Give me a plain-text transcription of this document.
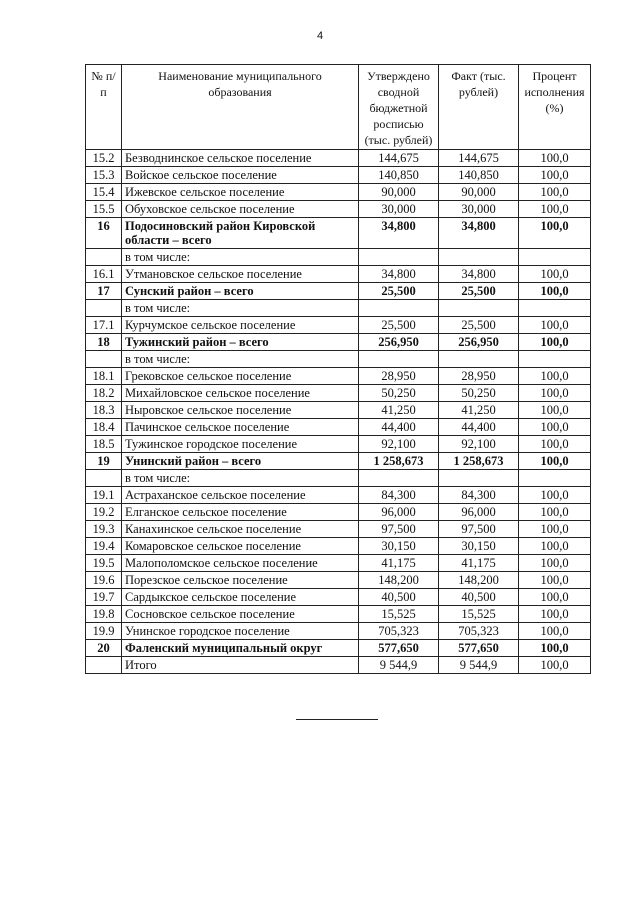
4
№ п/п	Наименование муниципального образования	Утверждено сводной бюджетной росписью (тыс. рублей)	Факт (тыс. рублей)	Процент исполнения (%)
15.2	Безводнинское сельское поселение	144,675	144,675	100,0
15.3	Войское сельское поселение	140,850	140,850	100,0
15.4	Ижевское сельское поселение	90,000	90,000	100,0
15.5	Обуховское сельское поселение	30,000	30,000	100,0
16	Подосиновский район Кировской области – всего	34,800	34,800	100,0
	в том числе:			
16.1	Утмановское сельское поселение	34,800	34,800	100,0
17	Сунский район – всего	25,500	25,500	100,0
	в том числе:			
17.1	Курчумское сельское поселение	25,500	25,500	100,0
18	Тужинский район – всего	256,950	256,950	100,0
	в том числе:			
18.1	Грековское сельское поселение	28,950	28,950	100,0
18.2	Михайловское сельское поселение	50,250	50,250	100,0
18.3	Ныровское сельское поселение	41,250	41,250	100,0
18.4	Пачинское сельское поселение	44,400	44,400	100,0
18.5	Тужинское городское поселение	92,100	92,100	100,0
19	Унинский район – всего	1 258,673	1 258,673	100,0
	в том числе:			
19.1	Астраханское сельское поселение	84,300	84,300	100,0
19.2	Елганское сельское поселение	96,000	96,000	100,0
19.3	Канахинское сельское поселение	97,500	97,500	100,0
19.4	Комаровское сельское поселение	30,150	30,150	100,0
19.5	Малополомское сельское поселение	41,175	41,175	100,0
19.6	Порезское сельское поселение	148,200	148,200	100,0
19.7	Сардыкское сельское поселение	40,500	40,500	100,0
19.8	Сосновское сельское поселение	15,525	15,525	100,0
19.9	Унинское городское поселение	705,323	705,323	100,0
20	Фаленский муниципальный округ	577,650	577,650	100,0
	Итого	9 544,9	9 544,9	100,0
